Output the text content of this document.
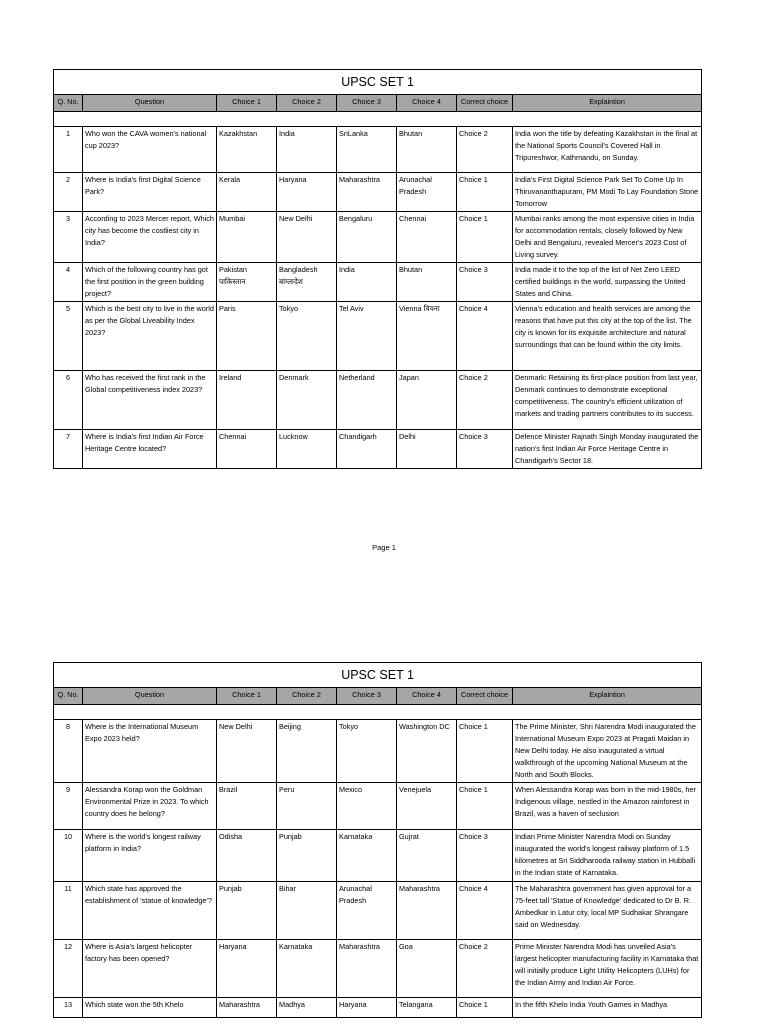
UPSC SET 1							
Q. No.	Question	Choice 1	Choice 2	Choice 3	Choice 4	Correct choice	Explaintion

1	Who won the CAVA women's national cup 2023?	Kazakhstan	India	SriLanka	Bhutan	Choice 2	India won the title by defeating Kazakhstan in the final at the National Sports Council's Covered Hall in Tripureshwor, Kathmandu, on Sunday.
2	Where is India's first Digital Science Park?	Kerala	Haryana	Maharashtra	Arunachal Pradesh	Choice 1	India's First Digital Science Park Set To Come Up In Thiruvananthapuram, PM Modi To Lay Foundation Stone Tomorrow
3	According to 2023 Mercer report, Which city has become the costliest city in India?	Mumbai	New Delhi	Bengaluru	Chennai	Choice 1	Mumbai ranks among the most expensive cities in India for accommodation rentals, closely followed by New Delhi and Bengaluru, revealed Mercer's 2023 Cost of Living survey.
4	Which of the following country has got the first position in the green building project?	Pakistan पाकिस्तान	Bangladesh बांग्लादेश	India	Bhutan	Choice 3	India made it to the top of the list of Net Zero LEED certified buildings in the world, surpassing the United States and China.
5	Which is the best city to live in the world as per the Global Liveability Index 2023?	Paris	Tokyo	Tel Aviv	Vienna वियना	Choice 4	Vienna's education and health services are among the reasons that have put this city at the top of the list. The city is known for its exquisite architecture and natural surroundings that can be found within the city limits.
6	Who has received the first rank in the Global competitiveness index 2023?	Ireland	Denmark	Netherland	Japan	Choice 2	Denmark: Retaining its first-place position from last year, Denmark continues to demonstrate exceptional competitiveness. The country's efficient utilization of markets and trading partners contributes to its success.
7	Where is India's first Indian Air Force Heritage Centre located?	Chennai	Lucknow	Chandigarh	Delhi	Choice 3	Defence Minister Rajnath Singh Monday inaugurated the nation's first Indian Air Force Heritage Centre in Chandigarh's Sector 18.
Page 1
UPSC SET 1							
Q. No.	Question	Choice 1	Choice 2	Choice 3	Choice 4	Correct choice	Explaintion

8	Where is the International Museum Expo 2023 held?	New Delhi	Beijing	Tokyo	Washington DC	Choice 1	The Prime Minister, Shri Narendra Modi inaugurated the International Museum Expo 2023 at Pragati Maidan in New Delhi today. He also inaugurated a virtual walkthrough of the upcoming National Museum at the North and South Blocks.
9	Alessandra Korap won the Goldman Environmental Prize in 2023. To which country does he belong?	Brazil	Peru	Mexico	Venejuela	Choice 1	When Alessandra Korap was born in the mid-1980s, her Indigenous village, nestled in the Amazon rainforest in Brazil, was a haven of seclusion
10	Where is the world's longest railway platform in India?	Odisha	Punjab	Karnataka	Gujrat	Choice 3	Indian Prime Minister Narendra Modi on Sunday inaugurated the world's longest railway platform of 1.5 kilometres at Sri Siddharooda railway station in Hubballi in the Indian state of Karnataka.
11	Which state has approved the establishment of 'statue of knowledge'?	Punjab	Bihar	Arunachal Pradesh	Maharashtra	Choice 4	The Maharashtra government has given approval for a 75-feet tall 'Statue of Knowledge' dedicated to Dr B. R. Ambedkar in Latur city, local MP Sudhakar Shrangare said on Wednesday.
12	Where is Asia's largest helicopter factory has been opened?	Haryana	Karnataka	Maharashtra	Goa	Choice 2	Prime Minister Narendra Modi has unveiled Asia's largest helicopter manufacturing facility in Karnataka that will initially produce Light Utility Helicopters (LUHs) for the Indian Army and Indian Air Force.
13	Which state won the 5th Khelo	Maharashtra	Madhya	Haryana	Telangana	Choice 1	In the fifth Khelo India Youth Games in Madhya
